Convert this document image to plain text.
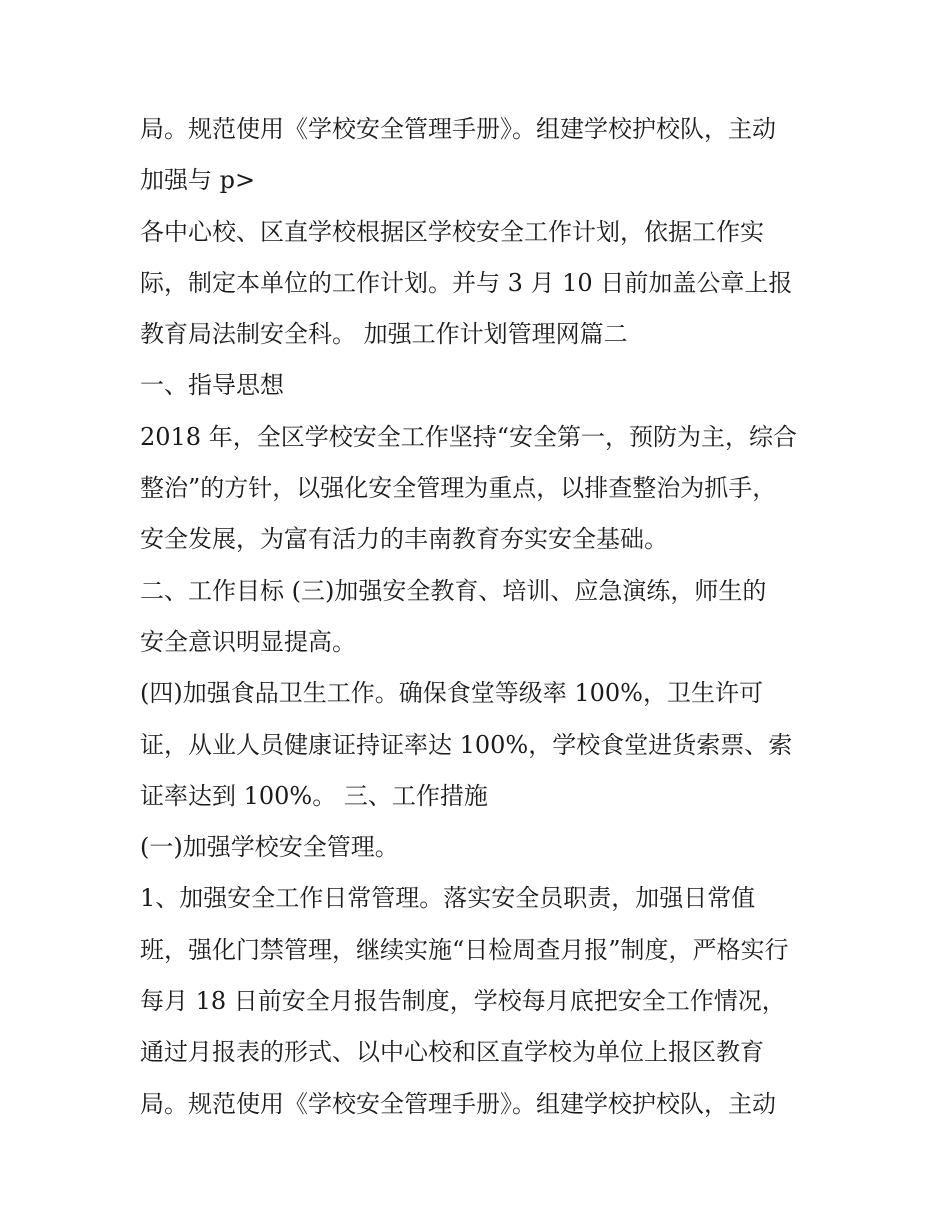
局。规范使用《学校安全管理手册》。组建学校护校队，主动
加强与 p>
各中心校、区直学校根据区学校安全工作计划，依据工作实
际，制定本单位的工作计划。并与 3 月 10 日前加盖公章上报
教育局法制安全科。 加强工作计划管理网篇二
一、指导思想
2018 年，全区学校安全工作坚持“安全第一，预防为主，综合
整治”的方针，以强化安全管理为重点，以排查整治为抓手，
安全发展，为富有活力的丰南教育夯实安全基础。
二、工作目标 (三)加强安全教育、培训、应急演练，师生的
安全意识明显提高。
(四)加强食品卫生工作。确保食堂等级率 100%，卫生许可
证，从业人员健康证持证率达 100%，学校食堂进货索票、索
证率达到 100%。 三、工作措施
(一)加强学校安全管理。
1、加强安全工作日常管理。落实安全员职责，加强日常值
班，强化门禁管理，继续实施“日检周查月报”制度，严格实行
每月 18 日前安全月报告制度，学校每月底把安全工作情况，
通过月报表的形式、以中心校和区直学校为单位上报区教育
局。规范使用《学校安全管理手册》。组建学校护校队，主动
